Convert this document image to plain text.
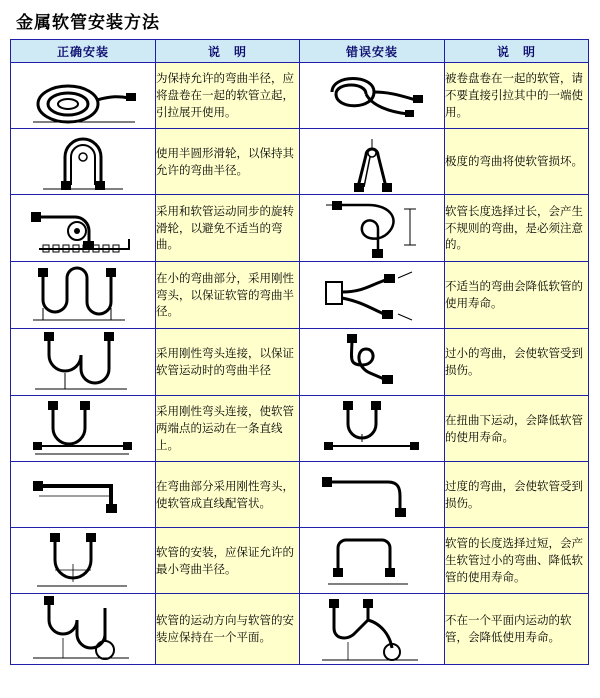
金属软管安装方法
正确安装	说　明	错误安装	说　明

	为保持允许的弯曲半径，应将盘卷在一起的软管立起，引拉展开使用。		被卷盘卷在一起的软管，请不要直接引拉其中的一端使用。

	使用半圆形滑轮，以保持其允许的弯曲半径。		极度的弯曲将使软管损坏。

	采用和软管运动同步的旋转滑轮，以避免不适当的弯曲。		软管长度选择过长，会产生不规则的弯曲，是必须注意的。

	在小的弯曲部分，采用刚性弯头，以保证软管的弯曲半径。		不适当的弯曲会降低软管的使用寿命。

	采用刚性弯头连接，以保证软管运动时的弯曲半径		过小的弯曲，会使软管受到损伤。

	采用刚性弯头连接，使软管两端点的运动在一条直线上。		在扭曲下运动，会降低软管的使用寿命。

	在弯曲部分采用刚性弯头，使软管成直线配管状。		过度的弯曲，会使软管受到损伤。

	软管的安装，应保证允许的最小弯曲半径。		软管的长度选择过短，会产生软管过小的弯曲、降低软管的使用寿命。

	软管的运动方向与软管的安装应保持在一个平面。		不在一个平面内运动的软管，会降低使用寿命。
